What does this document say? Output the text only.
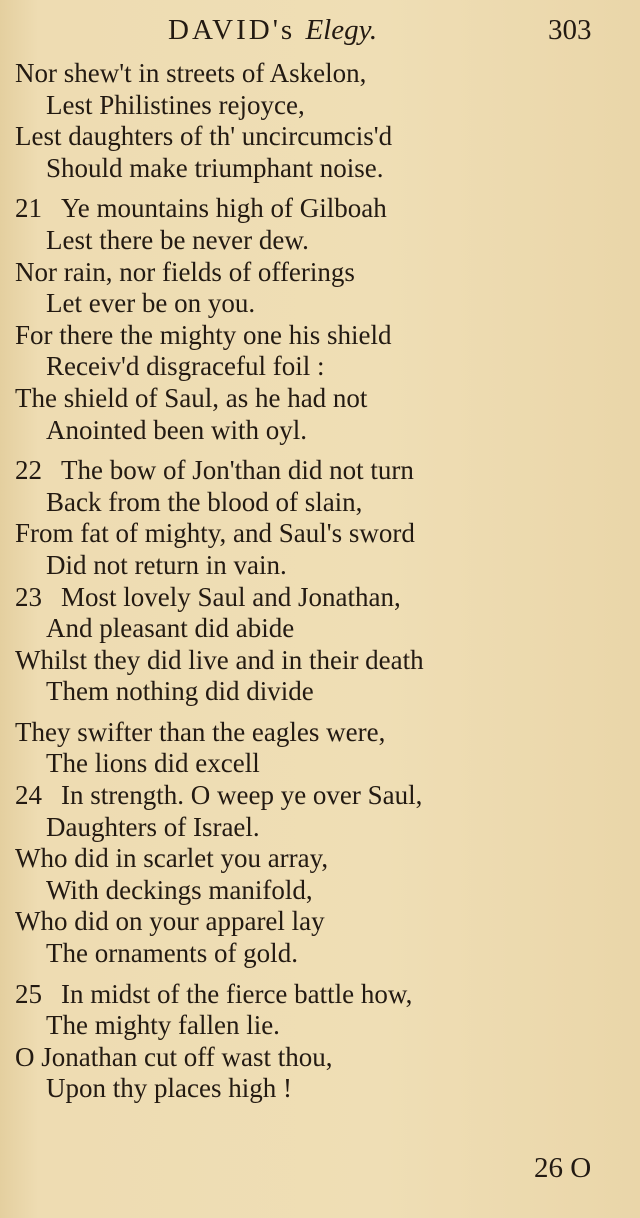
DAVID's Elegy.	303
Nor shew't in streets of Askelon,
Lest Philistines rejoyce,
Lest daughters of th' uncircumcis'd
Should make triumphant noise.
21 Ye mountains high of Gilboah
Lest there be never dew.
Nor rain, nor fields of offerings
Let ever be on you.
For there the mighty one his shield
Receiv'd disgraceful foil :
The shield of Saul, as he had not
Anointed been with oyl.
22 The bow of Jon'than did not turn
Back from the blood of slain,
From fat of mighty, and Saul's sword
Did not return in vain.
23 Most lovely Saul and Jonathan,
And pleasant did abide
Whilst they did live and in their death
Them nothing did divide
They swifter than the eagles were,
The lions did excell
24 In strength. O weep ye over Saul,
Daughters of Israel.
Who did in scarlet you array,
With deckings manifold,
Who did on your apparel lay
The ornaments of gold.
25 In midst of the fierce battle how,
The mighty fallen lie.
O Jonathan cut off wast thou,
Upon thy places high !
26 O
